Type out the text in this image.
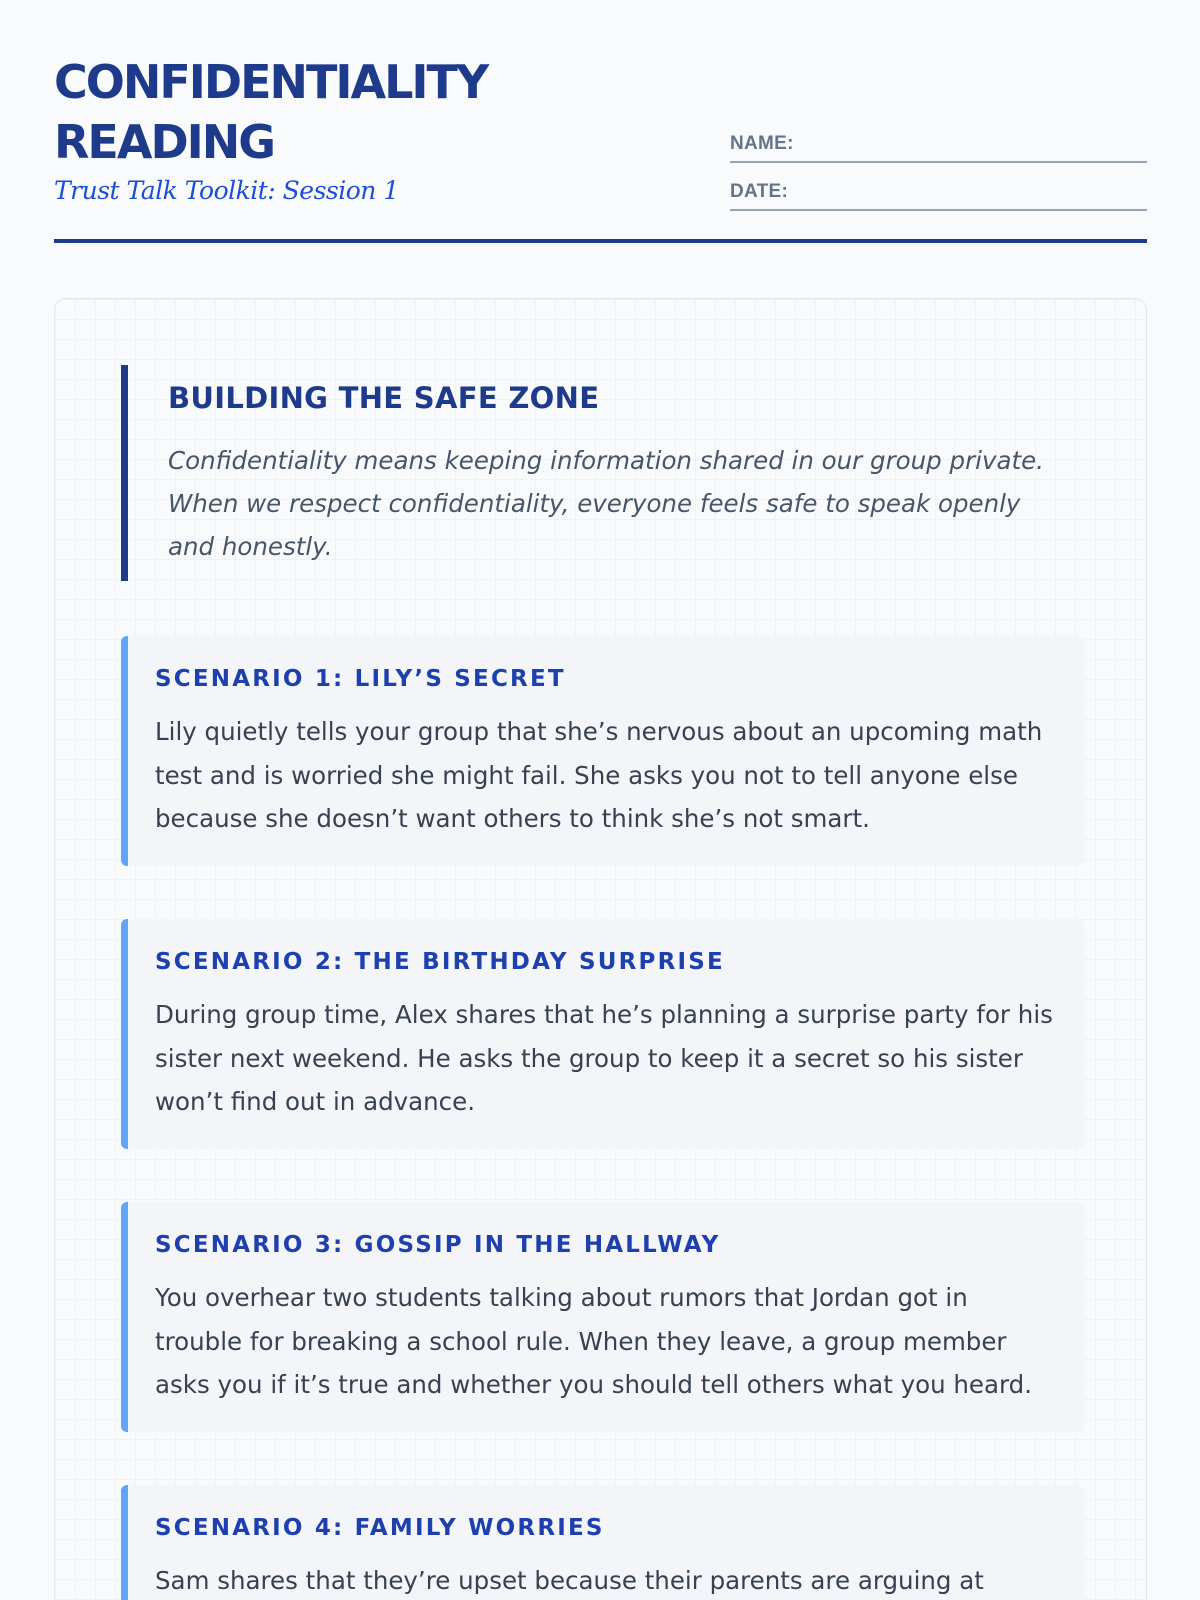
CONFIDENTIALITY READING
Trust Talk Toolkit: Session 1
NAME:
DATE:
BUILDING THE SAFE ZONE

Confidentiality means keeping information shared in our group private. When we respect confidentiality, everyone feels safe to speak openly and honestly.

SCENARIO 1: LILY’S SECRET

Lily quietly tells your group that she’s nervous about an upcoming math test and is worried she might fail. She asks you not to tell anyone else because she doesn’t want others to think she’s not smart.

SCENARIO 2: THE BIRTHDAY SURPRISE

During group time, Alex shares that he’s planning a surprise party for his sister next weekend. He asks the group to keep it a secret so his sister won’t find out in advance.

SCENARIO 3: GOSSIP IN THE HALLWAY

You overhear two students talking about rumors that Jordan got in trouble for breaking a school rule. When they leave, a group member asks you if it’s true and whether you should tell others what you heard.

SCENARIO 4: FAMILY WORRIES

Sam shares that they’re upset because their parents are arguing at
